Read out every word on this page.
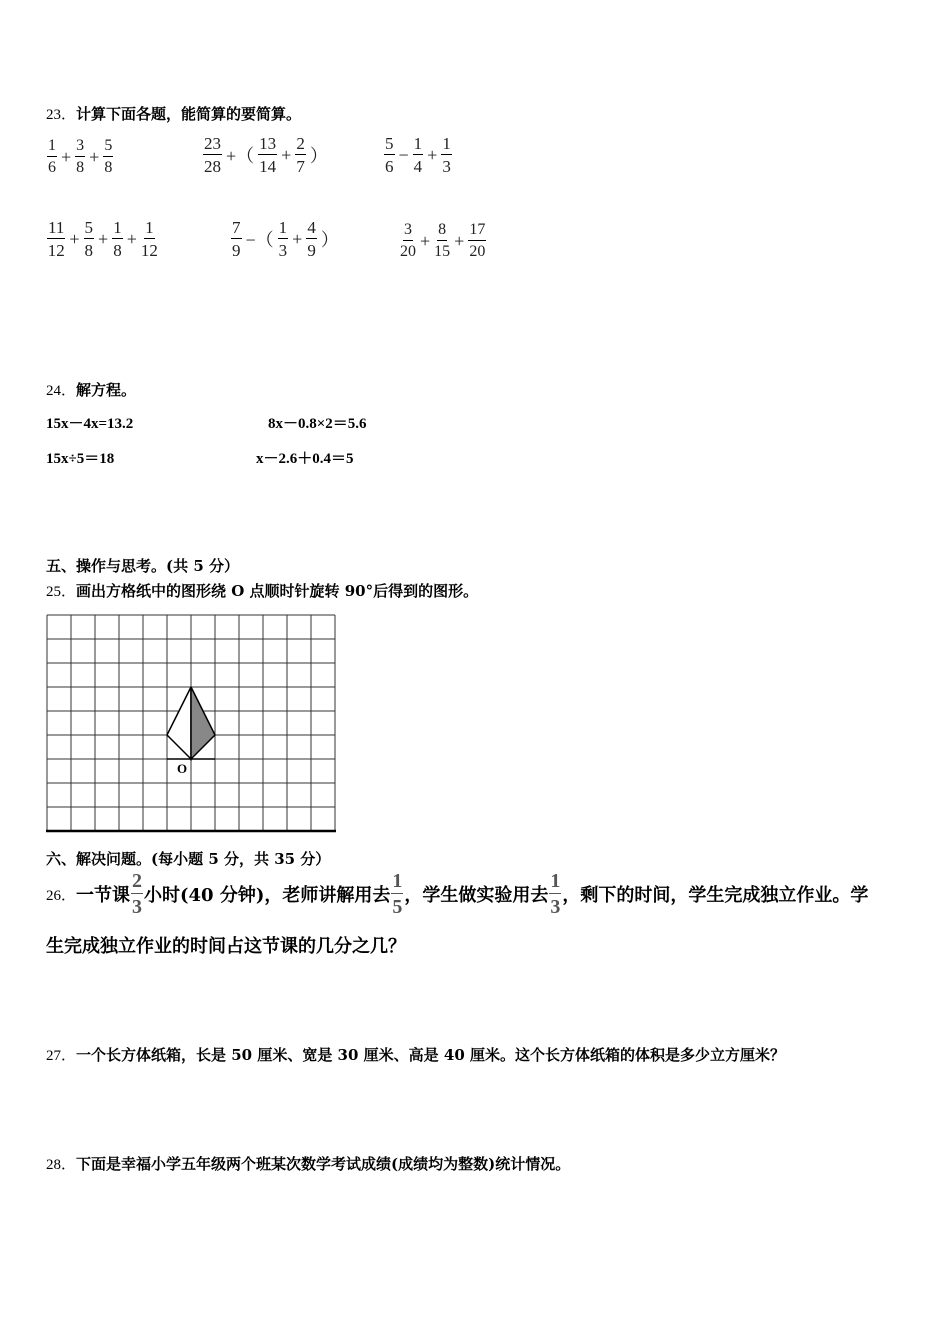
23．计算下面各题，能简算的要简算。
$\frac{1}{6} + \frac{3}{8} + \frac{5}{8}$	$\frac{23}{28}$ +（ $\frac{13}{14} + \frac{2}{7}$ ）	$\frac{5}{6} - \frac{1}{4} + \frac{1}{3}$
$\frac{11}{12} + \frac{5}{8} + \frac{1}{8} + \frac{1}{12}$	$\frac{7}{9}$ −（ $\frac{1}{3} + \frac{4}{9}$ ）	$\frac{3}{20} + \frac{8}{15} + \frac{17}{20}$
24．解方程。
15x－4x=13.2	8x－0.8×2＝5.6
15x÷5＝18	x－2.6＋0.4＝5
五、操作与思考。(共 5 分）
25．画出方格纸中的图形绕 O 点顺时针旋转 90°后得到的图形。
O
六、解决问题。(每小题 5 分，共 35 分）
26． 一节课 $\frac{2}{3}$ 小时(40 分钟)，老师讲解用去 $\frac{1}{5}$ ，学生做实验用去 $\frac{1}{3}$ ，剩下的时间，学生完成独立作业。学
生完成独立作业的时间占这节课的几分之几？
27．一个长方体纸箱，长是 50 厘米、宽是 30 厘米、高是 40 厘米。这个长方体纸箱的体积是多少立方厘米？
28．下面是幸福小学五年级两个班某次数学考试成绩(成绩均为整数)统计情况。
